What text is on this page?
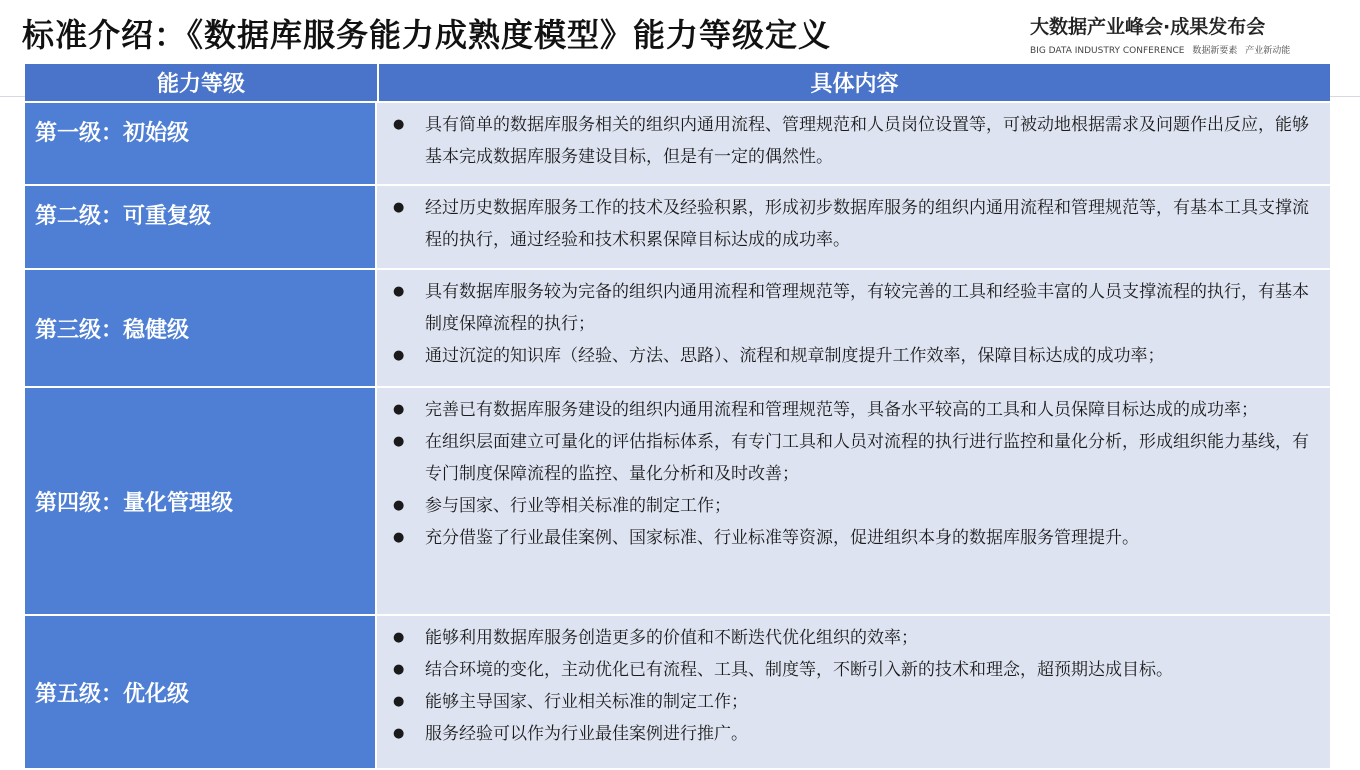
标准介绍：《数据库服务能力成熟度模型》能力等级定义	大数据产业峰会·成果发布会
BIG DATA INDUSTRY CONFERENCE 数据新要素 产业新动能
能力等级	具体内容
第一级：初始级	●	具有简单的数据库服务相关的组织内通用流程、管理规范和人员岗位设置等，可被动地根据需求及问题作出反应，能够基本完成数据库服务建设目标，但是有一定的偶然性。
第二级：可重复级	●	经过历史数据库服务工作的技术及经验积累，形成初步数据库服务的组织内通用流程和管理规范等，有基本工具支撑流程的执行，通过经验和技术积累保障目标达成的成功率。
第三级：稳健级
●	具有数据库服务较为完备的组织内通用流程和管理规范等，有较完善的工具和经验丰富的人员支撑流程的执行，有基本制度保障流程的执行；
●	通过沉淀的知识库（经验、方法、思路）、流程和规章制度提升工作效率，保障目标达成的成功率；
第四级：量化管理级
●	完善已有数据库服务建设的组织内通用流程和管理规范等，具备水平较高的工具和人员保障目标达成的成功率；
●	在组织层面建立可量化的评估指标体系，有专门工具和人员对流程的执行进行监控和量化分析，形成组织能力基线，有专门制度保障流程的监控、量化分析和及时改善；
●	参与国家、行业等相关标准的制定工作；
●	充分借鉴了行业最佳案例、国家标准、行业标准等资源，促进组织本身的数据库服务管理提升。
第五级：优化级
●	能够利用数据库服务创造更多的价值和不断迭代优化组织的效率；
●	结合环境的变化，主动优化已有流程、工具、制度等，不断引入新的技术和理念，超预期达成目标。
●	能够主导国家、行业相关标准的制定工作；
●	服务经验可以作为行业最佳案例进行推广。
